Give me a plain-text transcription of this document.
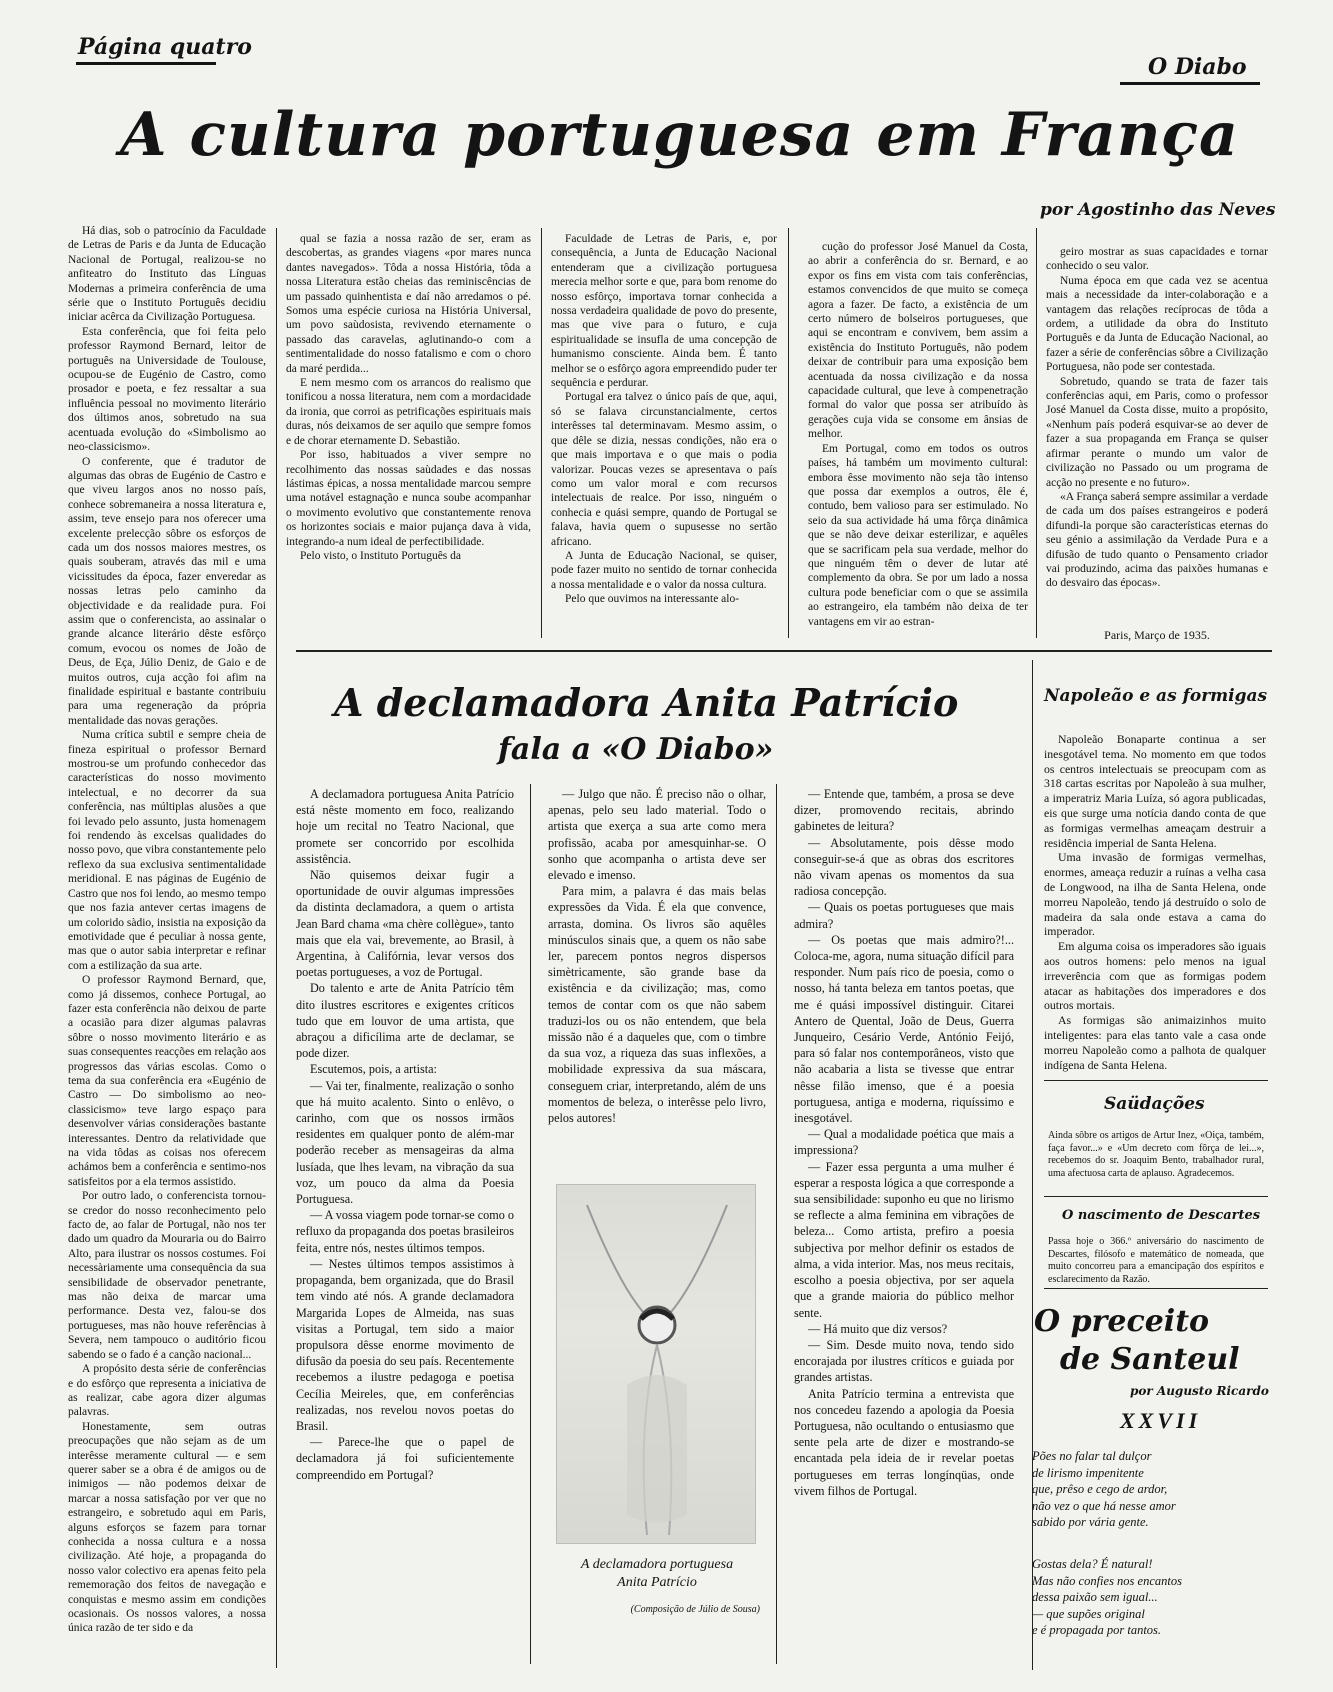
Página quatro
O Diabo
A cultura portuguesa em França
por Agostinho das Neves

Há dias, sob o patrocínio da Faculdade de Letras de Paris e da Junta de Educação Nacional de Portugal, realizou-se no anfiteatro do Instituto das Línguas Modernas a primeira conferência de uma série que o Instituto Português decidiu iniciar acêrca da Civilização Portuguesa.

Esta conferência, que foi feita pelo professor Raymond Bernard, leitor de português na Universidade de Toulouse, ocupou-se de Eugénio de Castro, como prosador e poeta, e fez ressaltar a sua influência pessoal no movimento literário dos últimos anos, sobretudo na sua acentuada evolução do «Simbolismo ao neo-classicismo».

O conferente, que é tradutor de algumas das obras de Eugénio de Castro e que viveu largos anos no nosso país, conhece sobremaneira a nossa literatura e, assim, teve ensejo para nos oferecer uma excelente prelecção sôbre os esforços de cada um dos nossos maiores mestres, os quais souberam, através das mil e uma vicissitudes da época, fazer enveredar as nossas letras pelo caminho da objectividade e da realidade pura. Foi assim que o conferencista, ao assinalar o grande alcance literário dêste esfôrço comum, evocou os nomes de João de Deus, de Eça, Júlio Deniz, de Gaio e de muitos outros, cuja acção foi afim na finalidade espiritual e bastante contribuiu para uma regeneração da própria mentalidade das novas gerações.

Numa crítica subtil e sempre cheia de fineza espiritual o professor Bernard mostrou-se um profundo conhecedor das características do nosso movimento intelectual, e no decorrer da sua conferência, nas múltiplas alusões a que foi levado pelo assunto, justa homenagem foi rendendo às excelsas qualidades do nosso povo, que vibra constantemente pelo reflexo da sua exclusiva sentimentalidade meridional. E nas páginas de Eugénio de Castro que nos foi lendo, ao mesmo tempo que nos fazia antever certas imagens de um colorido sàdio, insistia na exposição da emotividade que é peculiar à nossa gente, mas que o autor sabia interpretar e refinar com a estilização da sua arte.

O professor Raymond Bernard, que, como já dissemos, conhece Portugal, ao fazer esta conferência não deixou de parte a ocasião para dizer algumas palavras sôbre o nosso movimento literário e as suas consequentes reacções em relação aos progressos das várias escolas. Como o tema da sua conferência era «Eugénio de Castro — Do simbolismo ao neo-classicismo» teve largo espaço para desenvolver várias considerações bastante interessantes. Dentro da relatividade que na vida tôdas as coisas nos oferecem achámos bem a conferência e sentimo-nos satisfeitos por a ela termos assistido.

Por outro lado, o conferencista tornou-se credor do nosso reconhecimento pelo facto de, ao falar de Portugal, não nos ter dado um quadro da Mouraria ou do Bairro Alto, para ilustrar os nossos costumes. Foi necessàriamente uma consequência da sua sensibilidade de observador penetrante, mas não deixa de marcar uma performance. Desta vez, falou-se dos portugueses, mas não houve referências à Severa, nem tampouco o auditório ficou sabendo se o fado é a canção nacional...

A propósito desta série de conferências e do esfôrço que representa a iniciativa de as realizar, cabe agora dizer algumas palavras.

Honestamente, sem outras preocupações que não sejam as de um interêsse meramente cultural — e sem querer saber se a obra é de amigos ou de inimigos — não podemos deixar de marcar a nossa satisfação por ver que no estrangeiro, e sobretudo aqui em Paris, alguns esforços se fazem para tornar conhecida a nossa cultura e a nossa civilização. Até hoje, a propaganda do nosso valor colectivo era apenas feito pela rememoração dos feitos de navegação e conquistas e mesmo assim em condições ocasionais. Os nossos valores, a nossa única razão de ter sido e da

qual se fazia a nossa razão de ser, eram as descobertas, as grandes viagens «por mares nunca dantes navegados». Tôda a nossa História, tôda a nossa Literatura estão cheias das reminiscências de um passado quinhentista e daí não arredamos o pé. Somos uma espécie curiosa na História Universal, um povo saùdosista, revivendo eternamente o passado das caravelas, aglutinando-o com a sentimentalidade do nosso fatalismo e com o choro da maré perdida...

E nem mesmo com os arrancos do realismo que tonificou a nossa literatura, nem com a mordacidade da ironia, que corroi as petrificações espirituais mais duras, nós deixamos de ser aquilo que sempre fomos e de chorar eternamente D. Sebastião.

Por isso, habituados a viver sempre no recolhimento das nossas saùdades e das nossas lástimas épicas, a nossa mentalidade marcou sempre uma notável estagnação e nunca soube acompanhar o movimento evolutivo que constantemente renova os horizontes sociais e maior pujança dava à vida, integrando-a num ideal de perfectibilidade.

Pelo visto, o Instituto Português da

Faculdade de Letras de Paris, e, por consequência, a Junta de Educação Nacional entenderam que a civilização portuguesa merecia melhor sorte e que, para bom renome do nosso esfôrço, importava tornar conhecida a nossa verdadeira qualidade de povo do presente, mas que vive para o futuro, e cuja espiritualidade se insufla de uma concepção de humanismo consciente. Ainda bem. É tanto melhor se o esfôrço agora empreendido puder ter sequência e perdurar.

Portugal era talvez o único país de que, aqui, só se falava circunstancialmente, certos interêsses tal determinavam. Mesmo assim, o que dêle se dizia, nessas condições, não era o que mais importava e o que mais o podia valorizar. Poucas vezes se apresentava o país como um valor moral e com recursos intelectuais de realce. Por isso, ninguém o conhecia e quási sempre, quando de Portugal se falava, havia quem o supusesse no sertão africano.

A Junta de Educação Nacional, se quiser, pode fazer muito no sentido de tornar conhecida a nossa mentalidade e o valor da nossa cultura.

Pelo que ouvimos na interessante alo-

cução do professor José Manuel da Costa, ao abrir a conferência do sr. Bernard, e ao expor os fins em vista com tais conferências, estamos convencidos de que muito se começa agora a fazer. De facto, a existência de um certo número de bolseiros portugueses, que aqui se encontram e convivem, bem assim a existência do Instituto Português, não podem deixar de contribuir para uma exposição bem acentuada da nossa civilização e da nossa capacidade cultural, que leve à compenetração formal do valor que possa ser atribuído às gerações cuja vida se consome em ânsias de melhor.

Em Portugal, como em todos os outros países, há também um movimento cultural: embora êsse movimento não seja tão intenso que possa dar exemplos a outros, êle é, contudo, bem valioso para ser estimulado. No seio da sua actividade há uma fôrça dinâmica que se não deve deixar esterilizar, e aquêles que se sacrificam pela sua verdade, melhor do que ninguém têm o dever de lutar até complemento da obra. Se por um lado a nossa cultura pode beneficiar com o que se assimila ao estrangeiro, ela também não deixa de ter vantagens em vir ao estran-

geiro mostrar as suas capacidades e tornar conhecido o seu valor.

Numa época em que cada vez se acentua mais a necessidade da inter-colaboração e a vantagem das relações recíprocas de tôda a ordem, a utilidade da obra do Instituto Português e da Junta de Educação Nacional, ao fazer a série de conferências sôbre a Civilização Portuguesa, não pode ser contestada.

Sobretudo, quando se trata de fazer tais conferências aqui, em Paris, como o professor José Manuel da Costa disse, muito a propósito, «Nenhum país poderá esquivar-se ao dever de fazer a sua propaganda em França se quiser afirmar perante o mundo um valor de civilização no Passado ou um programa de acção no presente e no futuro».

«A França saberá sempre assimilar a verdade de cada um dos países estrangeiros e poderá difundi-la porque são características eternas do seu génio a assimilação da Verdade Pura e a difusão de tudo quanto o Pensamento criador vai produzindo, acima das paixões humanas e do desvairo das épocas».

Paris, Março de 1935.
A declamadora Anita Patrício
fala a «O Diabo»

A declamadora portuguesa Anita Patrício está nêste momento em foco, realizando hoje um recital no Teatro Nacional, que promete ser concorrido por escolhida assistência.

Não quisemos deixar fugir a oportunidade de ouvir algumas impressões da distinta declamadora, a quem o artista Jean Bard chama «ma chère collègue», tanto mais que ela vai, brevemente, ao Brasil, à Argentina, à Califórnia, levar versos dos poetas portugueses, a voz de Portugal.

Do talento e arte de Anita Patrício têm dito ilustres escritores e exigentes críticos tudo que em louvor de uma artista, que abraçou a dificílima arte de declamar, se pode dizer.

Escutemos, pois, a artista:

— Vai ter, finalmente, realização o sonho que há muito acalento. Sinto o enlêvo, o carinho, com que os nossos irmãos residentes em qualquer ponto de além-mar poderão receber as mensageiras da alma lusíada, que lhes levam, na vibração da sua voz, um pouco da alma da Poesia Portuguesa.

— A vossa viagem pode tornar-se como o refluxo da propaganda dos poetas brasileiros feita, entre nós, nestes últimos tempos.

— Nestes últimos tempos assistimos à propaganda, bem organizada, que do Brasil tem vindo até nós. A grande declamadora Margarida Lopes de Almeida, nas suas visitas a Portugal, tem sido a maior propulsora dêsse enorme movimento de difusão da poesia do seu país. Recentemente recebemos a ilustre pedagoga e poetisa Cecília Meireles, que, em conferências realizadas, nos revelou novos poetas do Brasil.

— Parece-lhe que o papel de declamadora já foi suficientemente compreendido em Portugal?

— Julgo que não. É preciso não o olhar, apenas, pelo seu lado material. Todo o artista que exerça a sua arte como mera profissão, acaba por amesquinhar-se. O sonho que acompanha o artista deve ser elevado e imenso.

Para mim, a palavra é das mais belas expressões da Vida. É ela que convence, arrasta, domina. Os livros são aquêles minúsculos sinais que, a quem os não sabe ler, parecem pontos negros dispersos simètricamente, são grande base da existência e da civilização; mas, como temos de contar com os que não sabem traduzi-los ou os não entendem, que bela missão não é a daqueles que, com o timbre da sua voz, a riqueza das suas inflexões, a mobilidade expressiva da sua máscara, conseguem criar, interpretando, além de uns momentos de beleza, o interêsse pelo livro, pelos autores!

A declamadora portuguesa
Anita Patrício
(Composição de Júlio de Sousa)

— Entende que, também, a prosa se deve dizer, promovendo recitais, abrindo gabinetes de leitura?

— Absolutamente, pois dêsse modo conseguir-se-á que as obras dos escritores não vivam apenas os momentos da sua radiosa concepção.

— Quais os poetas portugueses que mais admira?

— Os poetas que mais admiro?!... Coloca-me, agora, numa situação difícil para responder. Num país rico de poesia, como o nosso, há tanta beleza em tantos poetas, que me é quási impossível distinguir. Citarei Antero de Quental, João de Deus, Guerra Junqueiro, Cesário Verde, António Feijó, para só falar nos contemporâneos, visto que não acabaria a lista se tivesse que entrar nêsse filão imenso, que é a poesia portuguesa, antiga e moderna, riquíssimo e inesgotável.

— Qual a modalidade poética que mais a impressiona?

— Fazer essa pergunta a uma mulher é esperar a resposta lógica a que corresponde a sua sensibilidade: suponho eu que no lirismo se reflecte a alma feminina em vibrações de beleza... Como artista, prefiro a poesia subjectiva por melhor definir os estados de alma, a vida interior. Mas, nos meus recitais, escolho a poesia objectiva, por ser aquela que a grande maioria do público melhor sente.

— Há muito que diz versos?

— Sim. Desde muito nova, tendo sido encorajada por ilustres críticos e guiada por grandes artistas.

Anita Patrício termina a entrevista que nos concedeu fazendo a apologia da Poesia Portuguesa, não ocultando o entusiasmo que sente pela arte de dizer e mostrando-se encantada pela ideia de ir revelar poetas portugueses em terras longínqüas, onde vivem filhos de Portugal.

Napoleão e as formigas

Napoleão Bonaparte continua a ser inesgotável tema. No momento em que todos os centros intelectuais se preocupam com as 318 cartas escritas por Napoleão à sua mulher, a imperatriz Maria Luíza, só agora publicadas, eis que surge uma notícia dando conta de que as formigas vermelhas ameaçam destruir a residência imperial de Santa Helena.

Uma invasão de formigas vermelhas, enormes, ameaça reduzir a ruínas a velha casa de Longwood, na ilha de Santa Helena, onde morreu Napoleão, tendo já destruído o solo de madeira da sala onde estava a cama do imperador.

Em alguma coisa os imperadores são iguais aos outros homens: pelo menos na igual irreverência com que as formigas podem atacar as habitações dos imperadores e dos outros mortais.

As formigas são animaizinhos muito inteligentes: para elas tanto vale a casa onde morreu Napoleão como a palhota de qualquer indígena de Santa Helena.

Saüdações
Ainda sôbre os artigos de Artur Inez, «Oiça, também, faça favor...» e «Um decreto com fôrça de lei...», recebemos do sr. Joaquim Bento, trabalhador rural, uma afectuosa carta de aplauso. Agradecemos.
O nascimento de Descartes
Passa hoje o 366.º aniversário do nascimento de Descartes, filósofo e matemático de nomeada, que muito concorreu para a emancipação dos espíritos e esclarecimento da Razão.
O preceito
de Santeul
por Augusto Ricardo
XXVII

Pões no falar tal dulçor

de lirismo impenitente

que, prêso e cego de ardor,

não vez o que há nesse amor

sabido por vária gente.

Gostas dela? É natural!

Mas não confies nos encantos

dessa paixão sem igual...

— que supões original

e é propagada por tantos.
